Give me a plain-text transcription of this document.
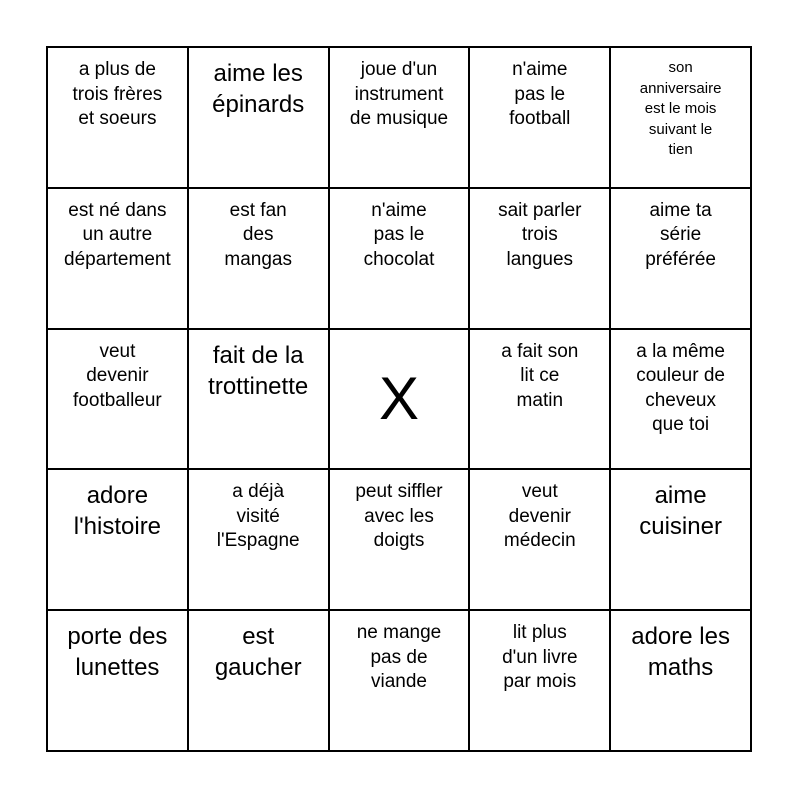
a plus de
trois frères
et soeurs
aime les
épinards
joue d'un
instrument
de musique
n'aime
pas le
football
son
anniversaire
est le mois
suivant le
tien
est né dans
un autre
département
est fan
des
mangas
n'aime
pas le
chocolat
sait parler
trois
langues
aime ta
série
préférée
veut
devenir
footballeur
fait de la
trottinette X
a fait son
lit ce
matin
a la même
couleur de
cheveux
que toi
adore
l'histoire
a déjà
visité
l'Espagne
peut siffler
avec les
doigts
veut
devenir
médecin
aime
cuisiner
porte des
lunettes
est
gaucher
ne mange
pas de
viande
lit plus
d'un livre
par mois
adore les
maths
